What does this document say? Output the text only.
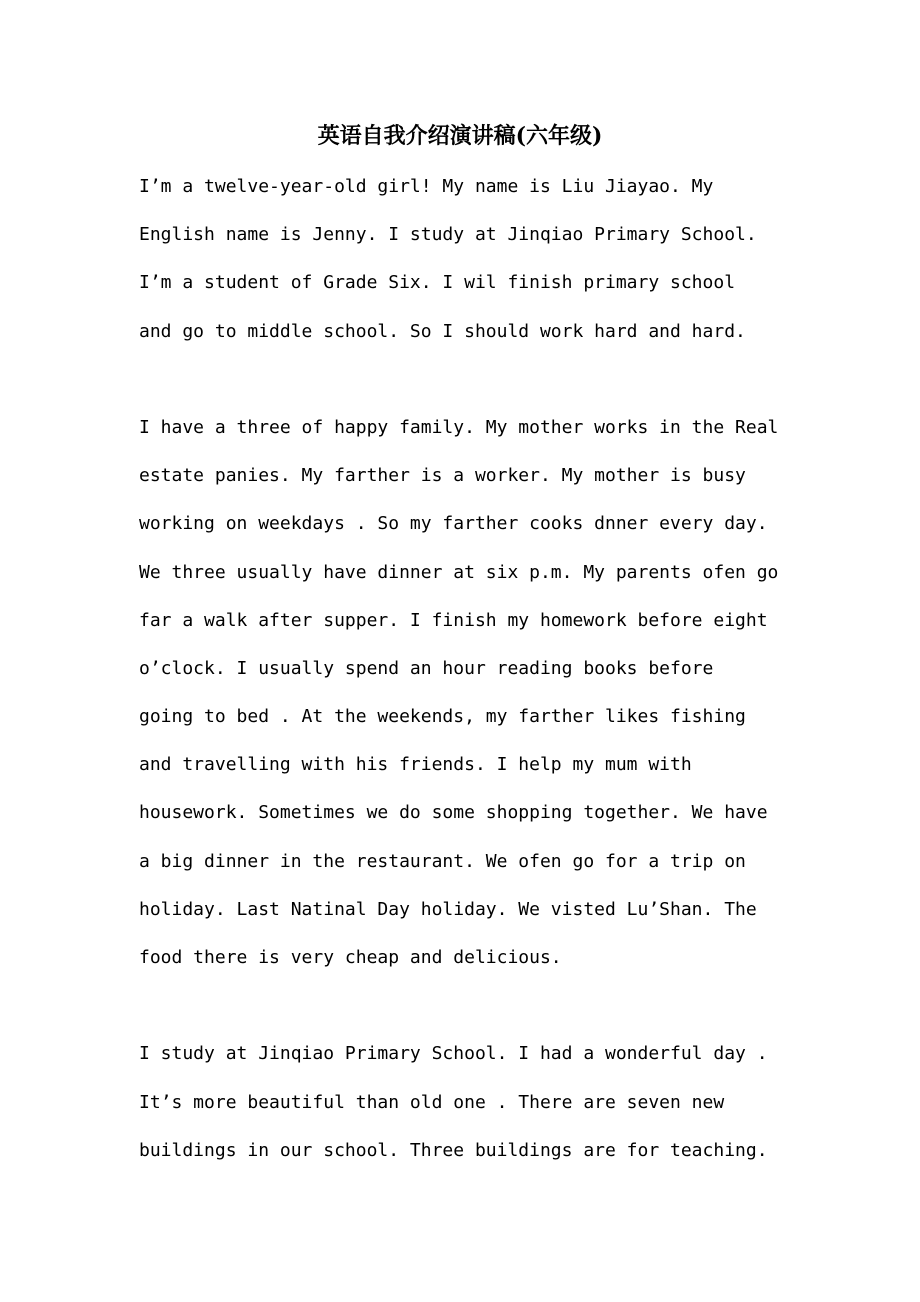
英语自我介绍演讲稿(六年级)
I’m a twelve-year-old girl! My name is Liu Jiayao. My
English name is Jenny. I study at Jinqiao Primary School.
I’m a student of Grade Six. I wil finish primary school
and go to middle school. So I should work hard and hard.
I have a three of happy family. My mother works in the Real
estate panies. My farther is a worker. My mother is busy
working on weekdays . So my farther cooks dnner every day.
We three usually have dinner at six p.m. My parents ofen go
far a walk after supper. I finish my homework before eight
o’clock. I usually spend an hour reading books before
going to bed . At the weekends, my farther likes fishing
and travelling with his friends. I help my mum with
housework. Sometimes we do some shopping together. We have
a big dinner in the restaurant. We ofen go for a trip on
holiday. Last Natinal Day holiday. We visted Lu’Shan. The
food there is very cheap and delicious.
I study at Jinqiao Primary School. I had a wonderful day .
It’s more beautiful than old one . There are seven new
buildings in our school. Three buildings are for teaching.
